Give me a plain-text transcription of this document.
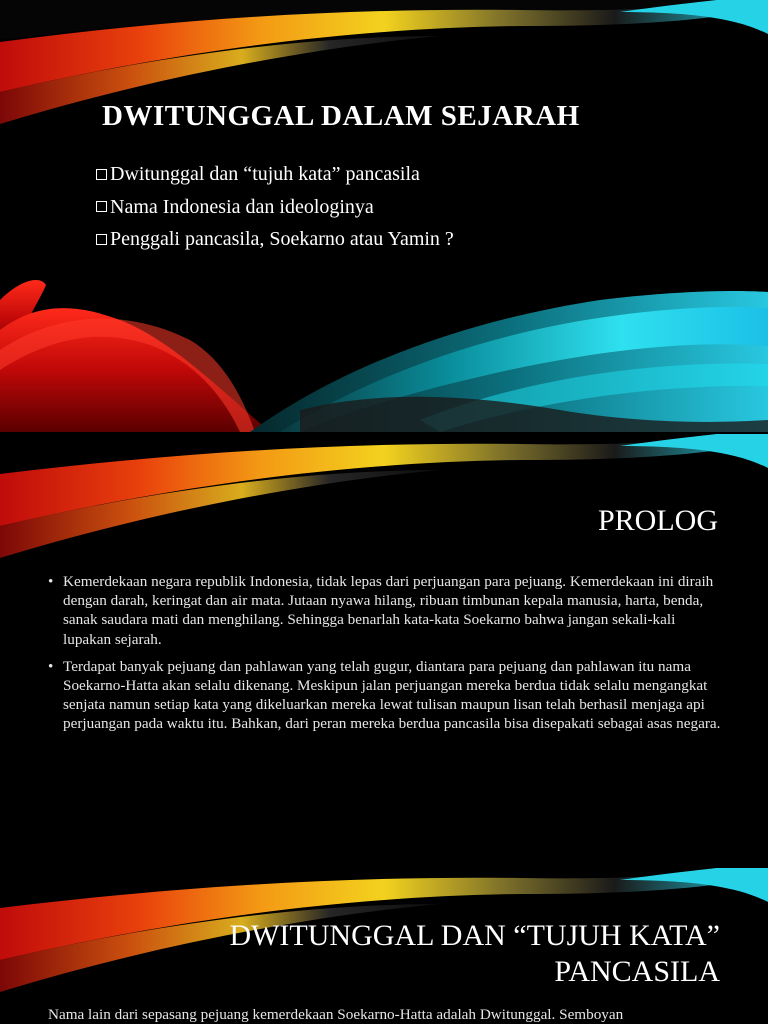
DWITUNGGAL DALAM SEJARAH
Dwitunggal dan “tujuh kata” pancasila
Nama Indonesia dan ideologinya
Penggali pancasila, Soekarno atau Yamin ?
PROLOG
• Kemerdekaan negara republik Indonesia, tidak lepas dari perjuangan para pejuang. Kemerdekaan ini diraih dengan darah, keringat dan air mata. Jutaan nyawa hilang, ribuan timbunan kepala manusia, harta, benda, sanak saudara mati dan menghilang. Sehingga benarlah kata-kata Soekarno bahwa jangan sekali-kali lupakan sejarah.
• Terdapat banyak pejuang dan pahlawan yang telah gugur, diantara para pejuang dan pahlawan itu nama Soekarno-Hatta akan selalu dikenang. Meskipun jalan perjuangan mereka berdua tidak selalu mengangkat senjata namun setiap kata yang dikeluarkan mereka lewat tulisan maupun lisan telah berhasil menjaga api perjuangan pada waktu itu. Bahkan, dari peran mereka berdua pancasila bisa disepakati sebagai asas negara.
DWITUNGGAL DAN “TUJUH KATA”
PANCASILA

Nama lain dari sepasang pejuang kemerdekaan Soekarno-Hatta adalah Dwitunggal. Semboyan
